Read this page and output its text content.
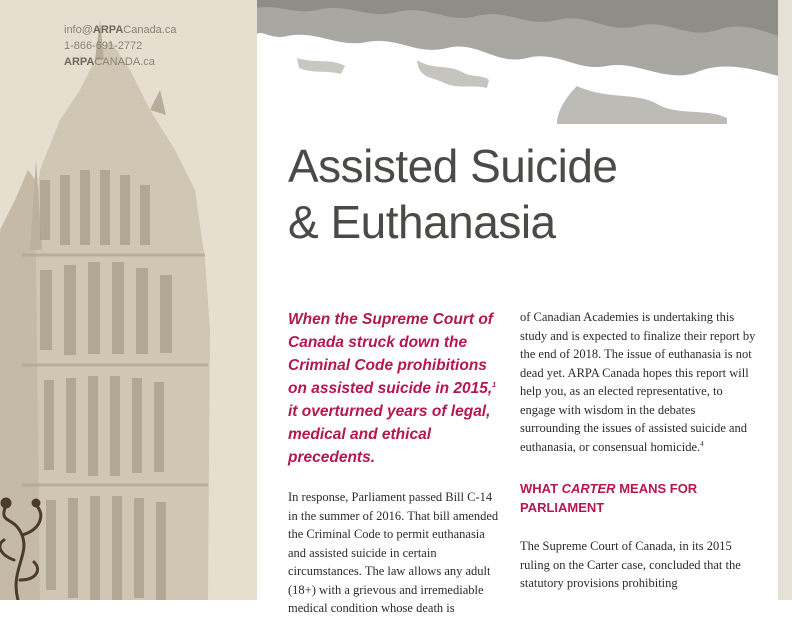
info@ARPACanada.ca
1-866-691-2772
ARPACANADA.ca
Assisted Suicide
& Euthanasia

When the Supreme Court of Canada struck down the Criminal Code prohibitions on assisted suicide in 2015,$^1$ it overturned years of legal, medical and ethical precedents.

In response, Parliament passed Bill C-14 in the summer of 2016. That bill amended the Criminal Code to permit euthanasia and assisted suicide in certain circumstances. The law allows any adult (18+) with a grievous and irremediable medical condition whose death is

of Canadian Academies is undertaking this study and is expected to finalize their report by the end of 2018. The issue of euthanasia is not dead yet. ARPA Canada hopes this report will help you, as an elected representative, to engage with wisdom in the debates surrounding the issues of assisted suicide and euthanasia, or consensual homicide.$^4$

WHAT CARTER MEANS FOR PARLIAMENT

The Supreme Court of Canada, in its 2015 ruling on the Carter case, concluded that the statutory provisions prohibiting
